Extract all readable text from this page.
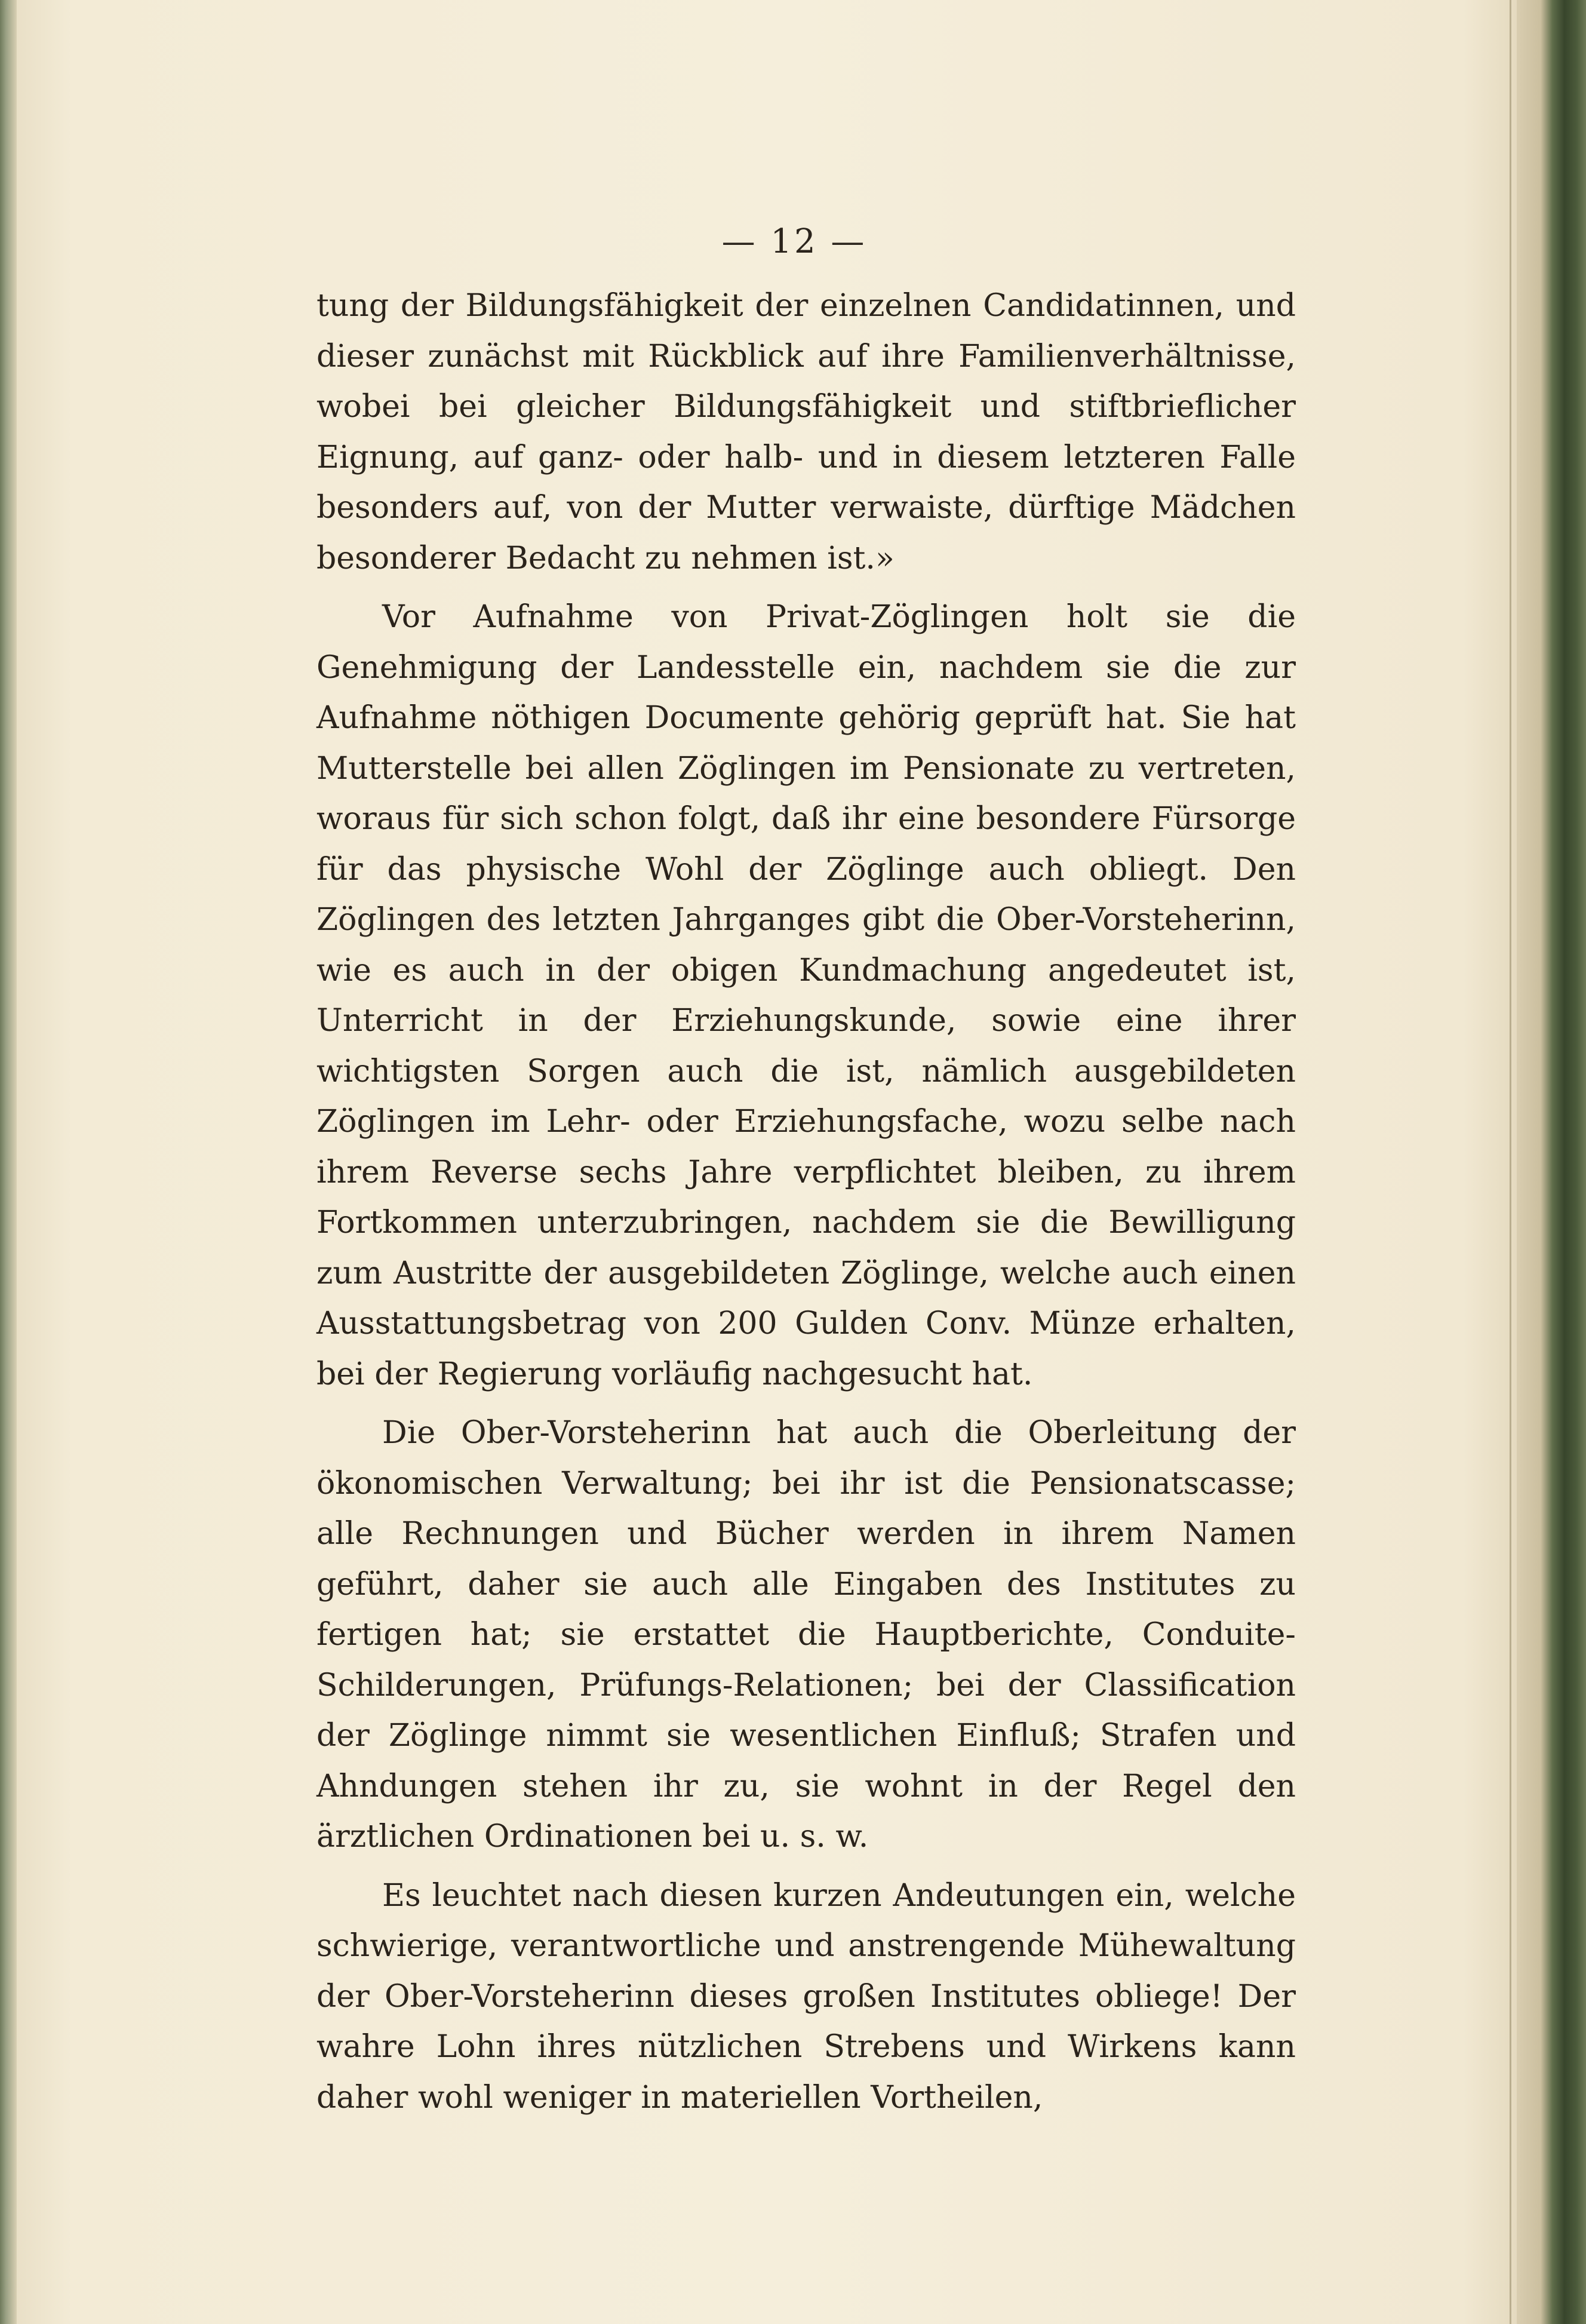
— 12 —

tung der Bildungsfähigkeit der einzelnen Candidatinnen, und dieser zunächst mit Rückblick auf ihre Familienverhältnisse, wobei bei gleicher Bildungsfähigkeit und stiftbrieflicher Eignung, auf ganz- oder halb- und in diesem letzteren Falle besonders auf, von der Mutter verwaiste, dürftige Mädchen besonderer Bedacht zu nehmen ist.»

Vor Aufnahme von Privat-Zöglingen holt sie die Genehmigung der Landesstelle ein, nachdem sie die zur Aufnahme nöthigen Documente gehörig geprüft hat. Sie hat Mutterstelle bei allen Zöglingen im Pensionate zu vertreten, woraus für sich schon folgt, daß ihr eine besondere Fürsorge für das physische Wohl der Zöglinge auch obliegt. Den Zöglingen des letzten Jahrganges gibt die Ober-Vorsteherinn, wie es auch in der obigen Kundmachung angedeutet ist, Unterricht in der Erziehungskunde, sowie eine ihrer wichtigsten Sorgen auch die ist, nämlich ausgebildeten Zöglingen im Lehr- oder Erziehungsfache, wozu selbe nach ihrem Reverse sechs Jahre verpflichtet bleiben, zu ihrem Fortkommen unterzubringen, nachdem sie die Bewilligung zum Austritte der ausgebildeten Zöglinge, welche auch einen Ausstattungsbetrag von 200 Gulden Conv. Münze erhalten, bei der Regierung vorläufig nachgesucht hat.

Die Ober-Vorsteherinn hat auch die Oberleitung der ökonomischen Verwaltung; bei ihr ist die Pensionatscasse; alle Rechnungen und Bücher werden in ihrem Namen geführt, daher sie auch alle Eingaben des Institutes zu fertigen hat; sie erstattet die Hauptberichte, Conduite-Schilderungen, Prüfungs-Relationen; bei der Classification der Zöglinge nimmt sie wesentlichen Einfluß; Strafen und Ahndungen stehen ihr zu, sie wohnt in der Regel den ärztlichen Ordinationen bei u. s. w.

Es leuchtet nach diesen kurzen Andeutungen ein, welche schwierige, verantwortliche und anstrengende Mühewaltung der Ober-Vorsteherinn dieses großen Institutes obliege! Der wahre Lohn ihres nützlichen Strebens und Wirkens kann daher wohl weniger in materiellen Vortheilen,
